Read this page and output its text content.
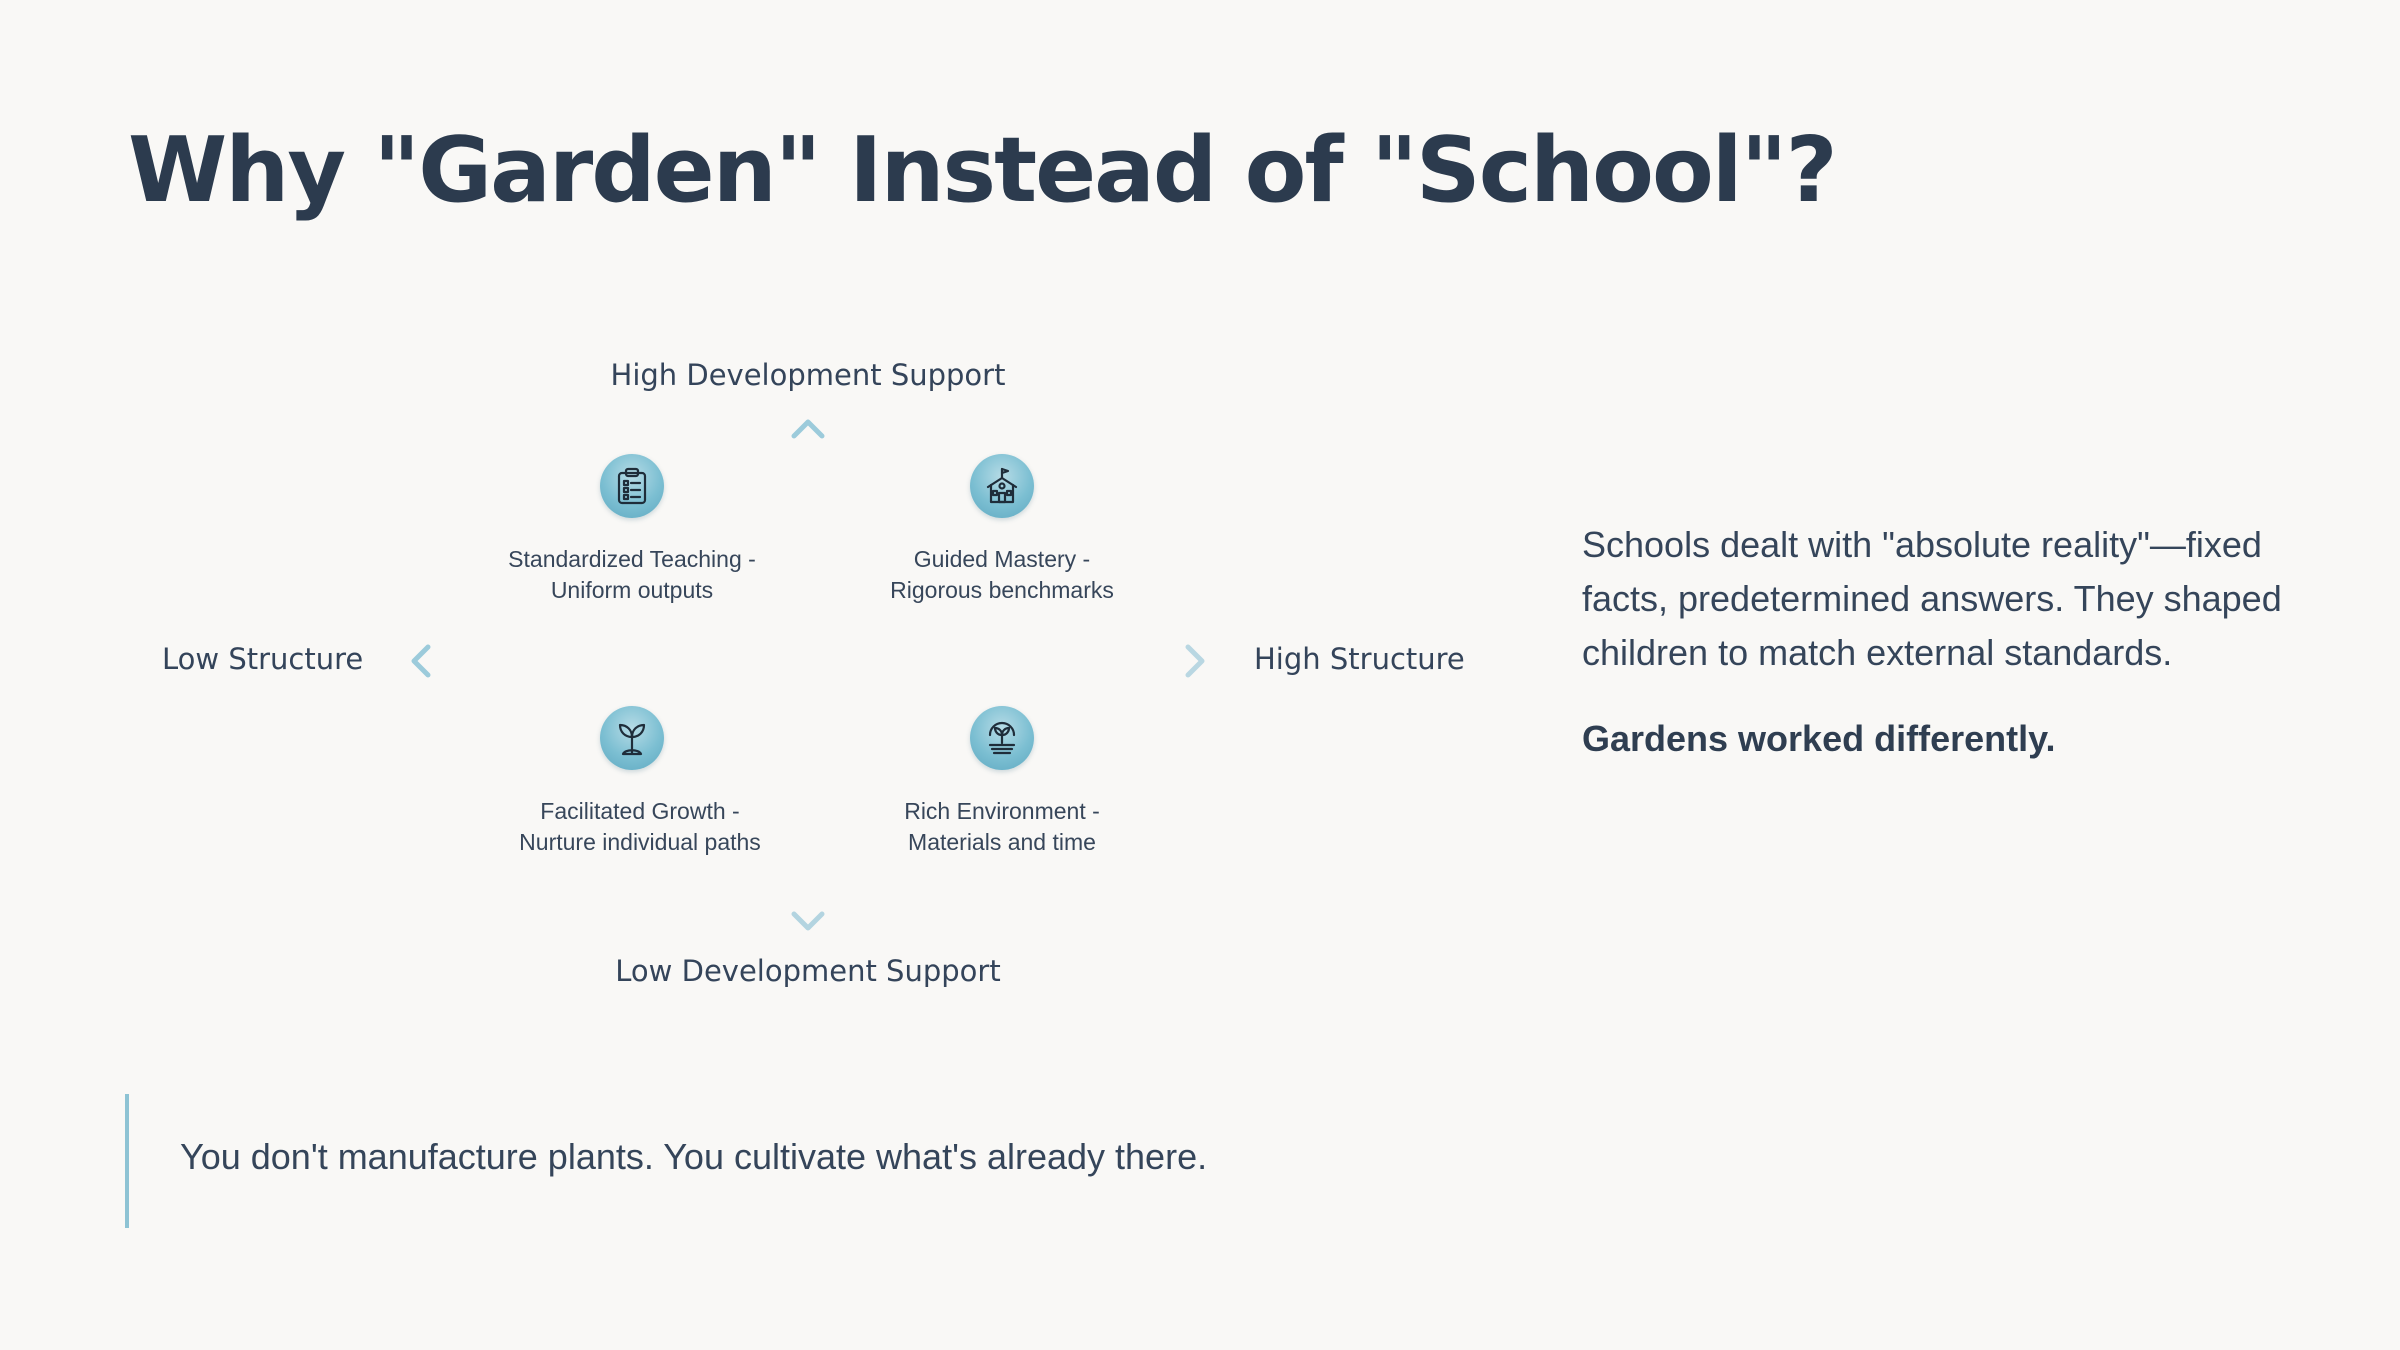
Why "Garden" Instead of "School"?
High Development Support
Low Development Support
Low Structure	High Structure
Standardized Teaching -
Uniform outputs
Guided Mastery -
Rigorous benchmarks
Facilitated Growth -
Nurture individual paths
Rich Environment -
Materials and time

Schools dealt with "absolute reality"—fixed facts, predetermined answers. They shaped children to match external standards.

Gardens worked differently.

You don't manufacture plants. You cultivate what's already there.
